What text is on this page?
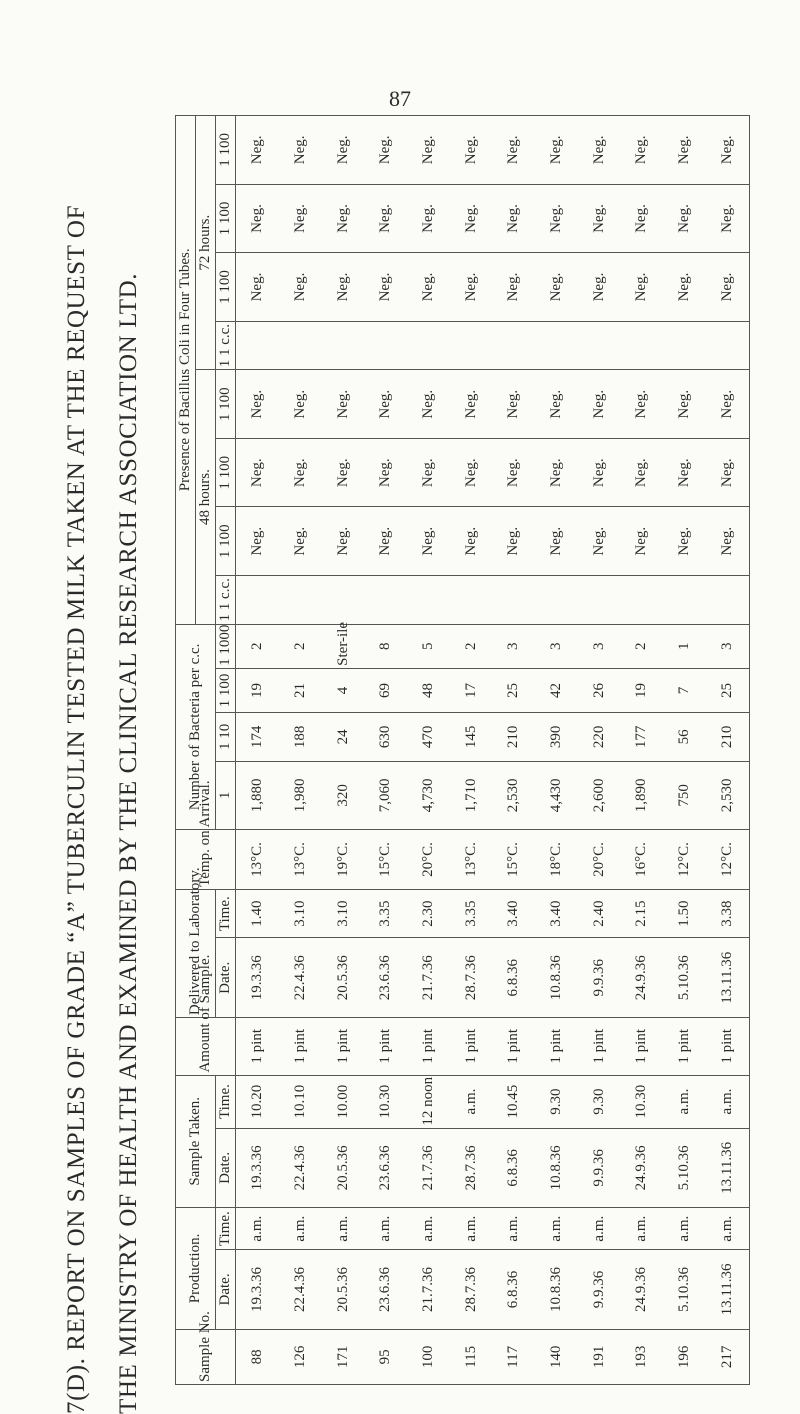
87
7(D). REPORT ON SAMPLES OF GRADE “A” TUBERCULIN TESTED MILK TAKEN AT THE REQUEST OF THE MINISTRY OF HEALTH AND EXAMINED BY THE CLINICAL RESEARCH ASSOCIATION LTD.	Sample No.	Production.		Sample Taken.		Amount of Sample.	Delivered to Laboratory.		Temp. on Arrival.	Number of Bacteria per c.c.				Presence of Bacillus Coli in Four Tubes.							
													48 hours.				72 hours.			
	Date.	Time.	Date.	Time.		Date.	Time.		1	1 10	1 100	1 1000	1 1 c.c.	1 100	1 100	1 100	1 1 c.c.	1 100	1 100	1 100
88	19.3.36	a.m.	19.3.36	10.20	1 pint	19.3.36	1.40	13°C.	1,880	174	19	2		Neg.	Neg.	Neg.		Neg.	Neg.	Neg.
126	22.4.36	a.m.	22.4.36	10.10	1 pint	22.4.36	3.10	13°C.	1,980	188	21	2		Neg.	Neg.	Neg.		Neg.	Neg.	Neg.
171	20.5.36	a.m.	20.5.36	10.00	1 pint	20.5.36	3.10	19°C.	320	24	4	Ster-ile		Neg.	Neg.	Neg.		Neg.	Neg.	Neg.
95	23.6.36	a.m.	23.6.36	10.30	1 pint	23.6.36	3.35	15°C.	7,060	630	69	8		Neg.	Neg.	Neg.		Neg.	Neg.	Neg.
100	21.7.36	a.m.	21.7.36	12 noon	1 pint	21.7.36	2.30	20°C.	4,730	470	48	5		Neg.	Neg.	Neg.		Neg.	Neg.	Neg.
115	28.7.36	a.m.	28.7.36	a.m.	1 pint	28.7.36	3.35	13°C.	1,710	145	17	2		Neg.	Neg.	Neg.		Neg.	Neg.	Neg.
117	6.8.36	a.m.	6.8.36	10.45	1 pint	6.8.36	3.40	15°C.	2,530	210	25	3		Neg.	Neg.	Neg.		Neg.	Neg.	Neg.
140	10.8.36	a.m.	10.8.36	9.30	1 pint	10.8.36	3.40	18°C.	4,430	390	42	3		Neg.	Neg.	Neg.		Neg.	Neg.	Neg.
191	9.9.36	a.m.	9.9.36	9.30	1 pint	9.9.36	2.40	20°C.	2,600	220	26	3		Neg.	Neg.	Neg.		Neg.	Neg.	Neg.
193	24.9.36	a.m.	24.9.36	10.30	1 pint	24.9.36	2.15	16°C.	1,890	177	19	2		Neg.	Neg.	Neg.		Neg.	Neg.	Neg.
196	5.10.36	a.m.	5.10.36	a.m.	1 pint	5.10.36	1.50	12°C.	750	56	7	1		Neg.	Neg.	Neg.		Neg.	Neg.	Neg.
217	13.11.36	a.m.	13.11.36	a.m.	1 pint	13.11.36	3.38	12°C.	2,530	210	25	3		Neg.	Neg.	Neg.		Neg.	Neg.	Neg.
